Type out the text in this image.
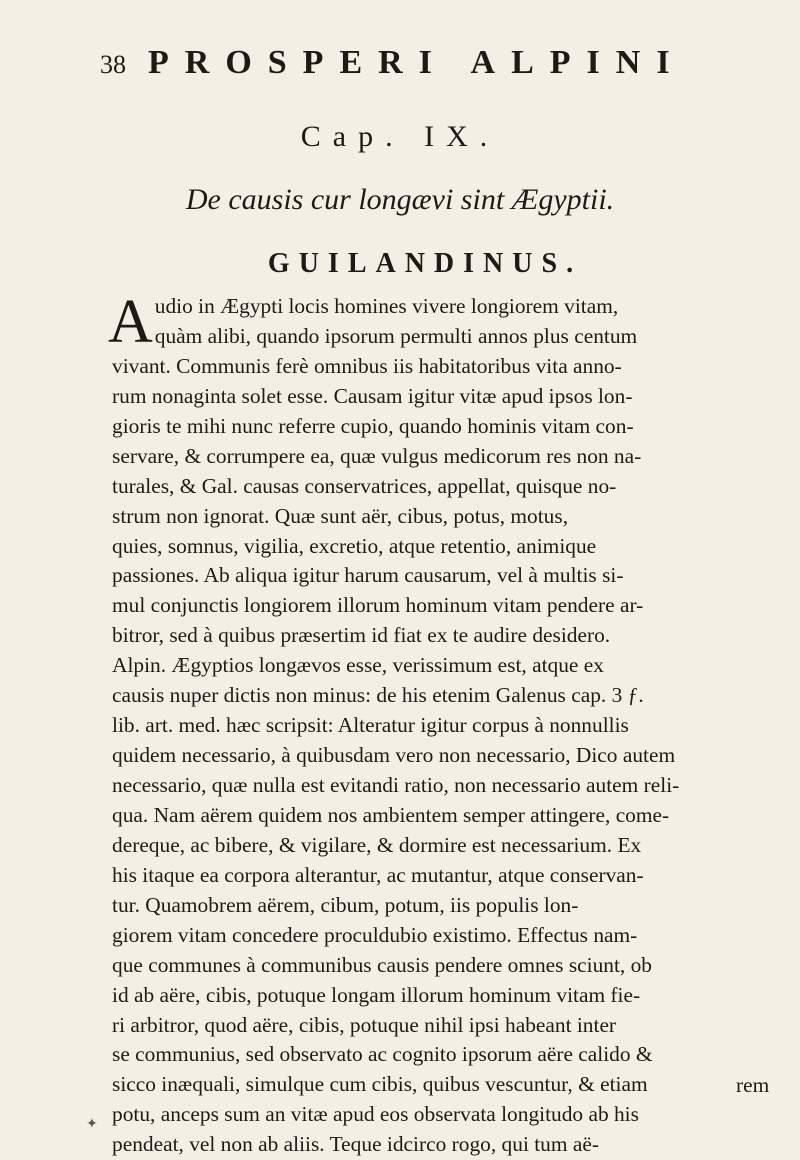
38 PROSPERI ALPINI
Cap. IX.
De causis cur longævi sint Ægyptii.
GUILANDINUS.
A udio in Ægypti locis homines vivere longiorem vitam,
quàm alibi, quando ipsorum permulti annos plus centum
vivant. Communis ferè omnibus iis habitatoribus vita anno-
rum nonaginta solet esse. Causam igitur vitæ apud ipsos lon-
gioris te mihi nunc referre cupio, quando hominis vitam con-
servare, & corrumpere ea, quæ vulgus medicorum res non na-
turales, & Gal. causas conservatrices, appellat, quisque no-
strum non ignorat. Quæ sunt aër, cibus, potus, motus,
quies, somnus, vigilia, excretio, atque retentio, animique
passiones. Ab aliqua igitur harum causarum, vel à multis si-
mul conjunctis longiorem illorum hominum vitam pendere ar-
bitror, sed à quibus præsertim id fiat ex te audire desidero.
Alpin. Ægyptios longævos esse, verissimum est, atque ex
causis nuper dictis non minus: de his etenim Galenus cap. 3 ƒ.
lib. art. med. hæc scripsit: Alteratur igitur corpus à nonnullis
quidem necessario, à quibusdam vero non necessario, Dico autem
necessario, quæ nulla est evitandi ratio, non necessario autem reli-
qua. Nam aërem quidem nos ambientem semper attingere, come-
dereque, ac bibere, & vigilare, & dormire est necessarium. Ex
his itaque ea corpora alterantur, ac mutantur, atque conservan-
tur. Quamobrem aërem, cibum, potum, iis populis lon-
giorem vitam concedere proculdubio existimo. Effectus nam-
que communes à communibus causis pendere omnes sciunt, ob
id ab aëre, cibis, potuque longam illorum hominum vitam fie-
ri arbitror, quod aëre, cibis, potuque nihil ipsi habeant inter
se communius, sed observato ac cognito ipsorum aëre calido &
sicco inæquali, simulque cum cibis, quibus vescuntur, & etiam
potu, anceps sum an vitæ apud eos observata longitudo ab his
pendeat, vel non ab aliis. Teque idcirco rogo, qui tum aë-
rem
✦
